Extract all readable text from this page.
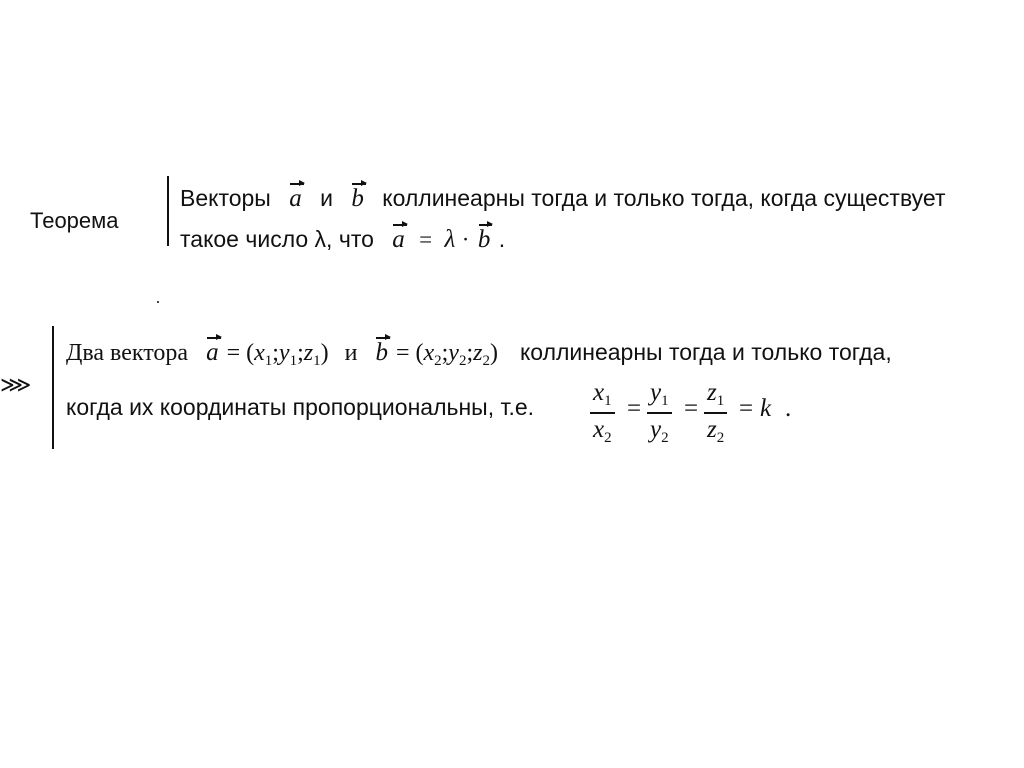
Теорема
Векторы a и b коллинеарны тогда и только тогда, когда существует
такое число λ, что a = λ · b .
⋙
Два вектора $a = (x_1;y_1;z_1)$ и $b = (x_2;y_2;z_2)$ коллинеарны тогда и только тогда,
когда их координаты пропорциональны, т.е.
$x_1$
$x_2$
=
$y_1$
$y_2$
=
$z_1$
$z_2$
= k .
